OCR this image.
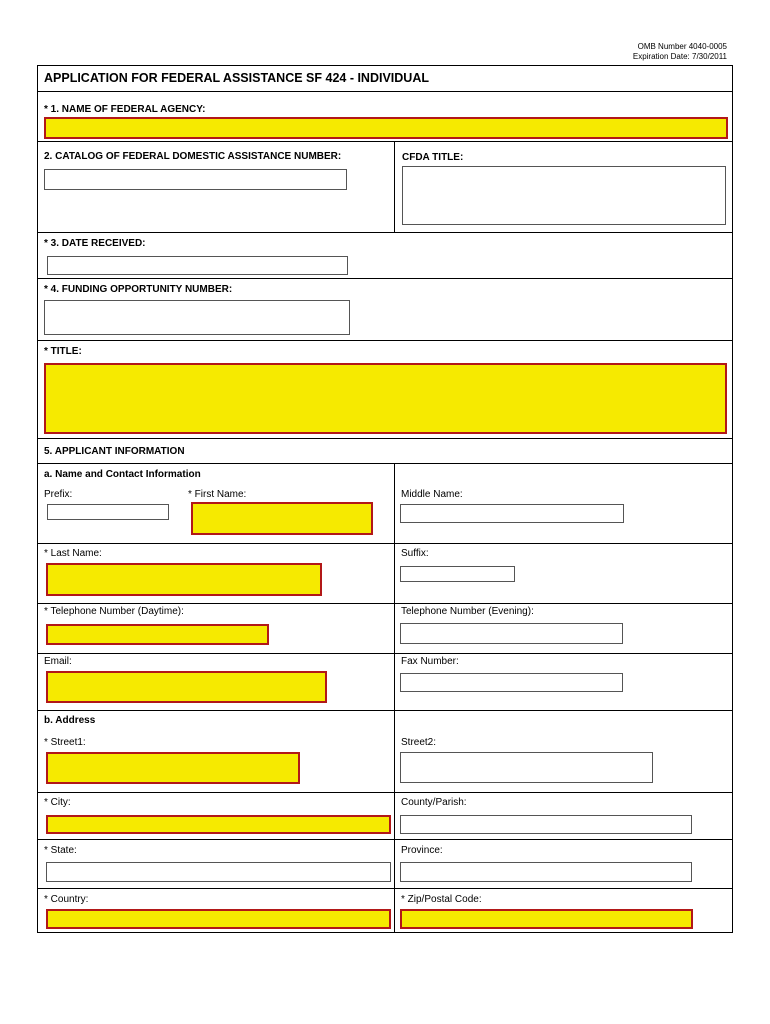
OMB Number 4040-0005
Expiration Date: 7/30/2011
APPLICATION FOR FEDERAL ASSISTANCE SF 424 - INDIVIDUAL
* 1. NAME OF FEDERAL AGENCY:
2. CATALOG OF FEDERAL DOMESTIC ASSISTANCE NUMBER:	CFDA TITLE:
* 3. DATE RECEIVED:
* 4. FUNDING OPPORTUNITY NUMBER:
* TITLE:
5. APPLICANT INFORMATION
a. Name and Contact Information
Prefix:	* First Name:	Middle Name:
* Last Name:	Suffix:
* Telephone Number (Daytime):	Telephone Number (Evening):
Email:	Fax Number:
b. Address
* Street1:	Street2:
* City:	County/Parish:
* State:	Province:
* Country:	* Zip/Postal Code:
